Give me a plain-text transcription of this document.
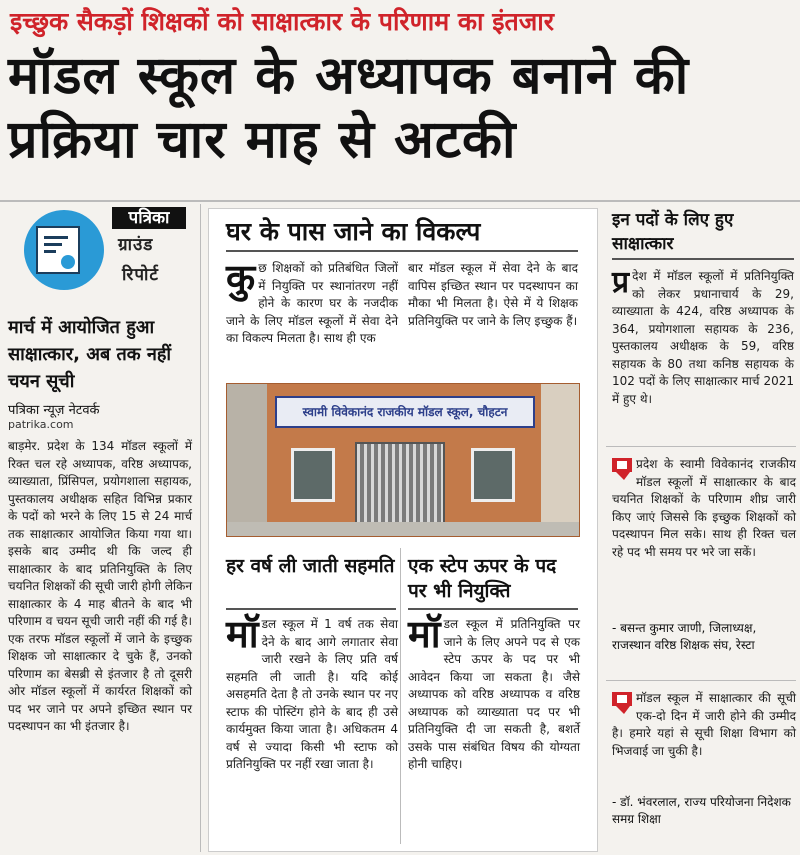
इच्छुक सैकड़ों शिक्षकों को साक्षात्कार के परिणाम का इंतजार
मॉडल स्कूल के अध्यापक बनाने की प्रक्रिया चार माह से अटकी
पत्रिका
ग्राउंड
रिपोर्ट
मार्च में आयोजित हुआ साक्षात्कार, अब तक नहीं चयन सूची
पत्रिका न्यूज़ नेटवर्क
patrika.com
बाड़मेर. प्रदेश के 134 मॉडल स्कूलों में रिक्त चल रहे अध्यापक, वरिष्ठ अध्यापक, व्याख्याता, प्रिंसिपल, प्रयोगशाला सहायक, पुस्तकालय अधीक्षक सहित विभिन्न प्रकार के पदों को भरने के लिए 15 से 24 मार्च तक साक्षात्कार आयोजित किया गया था। इसके बाद उम्मीद थी कि जल्द ही साक्षात्कार के बाद प्रतिनियुक्ति के लिए चयनित शिक्षकों की सूची जारी होगी लेकिन साक्षात्कार के 4 माह बीतने के बाद भी परिणाम व चयन सूची जारी नहीं की गई है। एक तरफ मॉडल स्कूलों में जाने के इच्छुक शिक्षक जो साक्षात्कार दे चुके हैं, उनको परिणाम का बेसब्री से इंतजार है तो दूसरी ओर मॉडल स्कूलों में कार्यरत शिक्षकों को पद भर जाने पर अपने इच्छित स्थान पर पदस्थापन का भी इंतजार है।
घर के पास जाने का विकल्प
कुछ शिक्षकों को प्रतिबंधित जिलों में नियुक्ति पर स्थानांतरण नहीं होने के कारण घर के नजदीक जाने के लिए मॉडल स्कूलों में सेवा देने का विकल्प मिलता है। साथ ही एक
बार मॉडल स्कूल में सेवा देने के बाद वापिस इच्छित स्थान पर पदस्थापन का मौका भी मिलता है। ऐसे में ये शिक्षक प्रतिनियुक्ति पर जाने के लिए इच्छुक हैं।
स्वामी विवेकानंद राजकीय मॉडल स्कूल, चौहटन
हर वर्ष ली जाती सहमति
मॉडल स्कूल में 1 वर्ष तक सेवा देने के बाद आगे लगातार सेवा जारी रखने के लिए प्रति वर्ष सहमति ली जाती है। यदि कोई असहमति देता है तो उनके स्थान पर नए स्टाफ की पोस्टिंग होने के बाद ही उसे कार्यमुक्त किया जाता है। अधिकतम 4 वर्ष से ज्यादा किसी भी स्टाफ को प्रतिनियुक्ति पर नहीं रखा जाता है।
एक स्टेप ऊपर के पद पर भी नियुक्ति
मॉडल स्कूल में प्रतिनियुक्ति पर जाने के लिए अपने पद से एक स्टेप ऊपर के पद पर भी आवेदन किया जा सकता है। जैसे अध्यापक को वरिष्ठ अध्यापक व वरिष्ठ अध्यापक को व्याख्याता पद पर भी प्रतिनियुक्ति दी जा सकती है, बशर्ते उसके पास संबंधित विषय की योग्यता होनी चाहिए।
इन पदों के लिए हुए साक्षात्कार
प्र देश में मॉडल स्कूलों में प्रतिनियुक्ति को लेकर प्रधानाचार्य के 29, व्याख्याता के 424, वरिष्ठ अध्यापक के 364, प्रयोगशाला सहायक के 236, पुस्तकालय अधीक्षक के 59, वरिष्ठ सहायक के 80 तथा कनिष्ठ सहायक के 102 पदों के लिए साक्षात्कार मार्च 2021 में हुए थे।
प्रदेश के स्वामी विवेकानंद राजकीय मॉडल स्कूलों में साक्षात्कार के बाद चयनित शिक्षकों के परिणाम शीघ्र जारी किए जाएं जिससे कि इच्छुक शिक्षकों को पदस्थापन मिल सके। साथ ही रिक्त चल रहे पद भी समय पर भरे जा सकें।
- बसन्त कुमार जाणी, जिलाध्यक्ष, राजस्थान वरिष्ठ शिक्षक संघ, रेस्टा
मॉडल स्कूल में साक्षात्कार की सूची एक-दो दिन में जारी होने की उम्मीद है। हमारे यहां से सूची शिक्षा विभाग को भिजवाई जा चुकी है।
- डॉ. भंवरलाल, राज्य परियोजना निदेशक समग्र शिक्षा
